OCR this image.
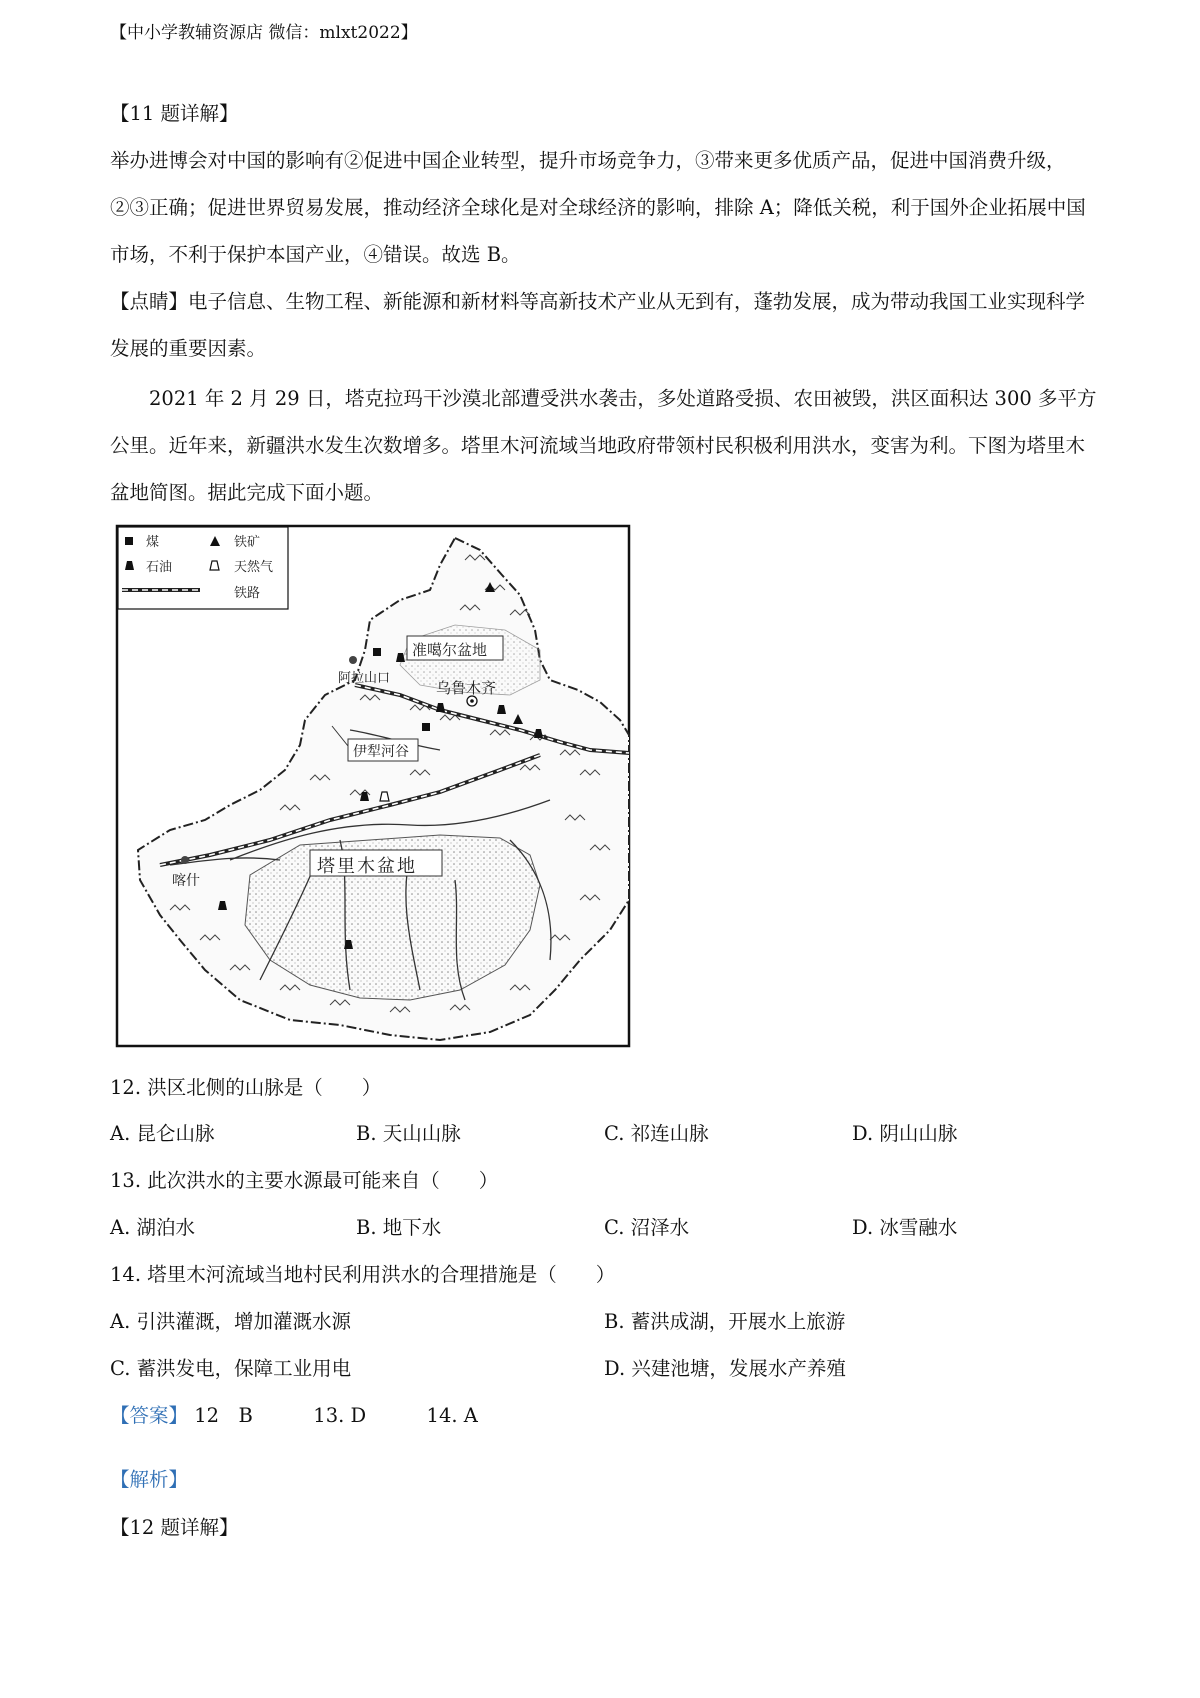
【中小学教辅资源店 微信：mlxt2022】

【11 题详解】

举办进博会对中国的影响有②促进中国企业转型，提升市场竞争力，③带来更多优质产品，促进中国消费升级，②③正确；促进世界贸易发展，推动经济全球化是对全球经济的影响，排除 A；降低关税，利于国外企业拓展中国市场，不利于保护本国产业，④错误。故选 B。

【点睛】电子信息、生物工程、新能源和新材料等高新技术产业从无到有，蓬勃发展，成为带动我国工业实现科学发展的重要因素。

2021 年 2 月 29 日，塔克拉玛干沙漠北部遭受洪水袭击，多处道路受损、农田被毁，洪区面积达 300 多平方公里。近年来，新疆洪水发生次数增多。塔里木河流域当地政府带领村民积极利用洪水，变害为利。下图为塔里木盆地简图。据此完成下面小题。

煤	铁矿
石油	天然气
铁路
准噶尔盆地
阿拉山口
乌鲁木齐
伊犁河谷
塔里木盆地
喀什
12. 洪区北侧的山脉是（　　）
A. 昆仑山脉	B. 天山山脉	C. 祁连山脉	D. 阴山山脉
13. 此次洪水的主要水源最可能来自（　　）
A. 湖泊水	B. 地下水	C. 沼泽水	D. 冰雪融水
14. 塔里木河流域当地村民利用洪水的合理措施是（　　）
A. 引洪灌溉，增加灌溉水源	B. 蓄洪成湖，开展水上旅游
C. 蓄洪发电，保障工业用电	D. 兴建池塘，发展水产养殖
【答案】 12　B	13. D	14. A
【解析】
【12 题详解】
